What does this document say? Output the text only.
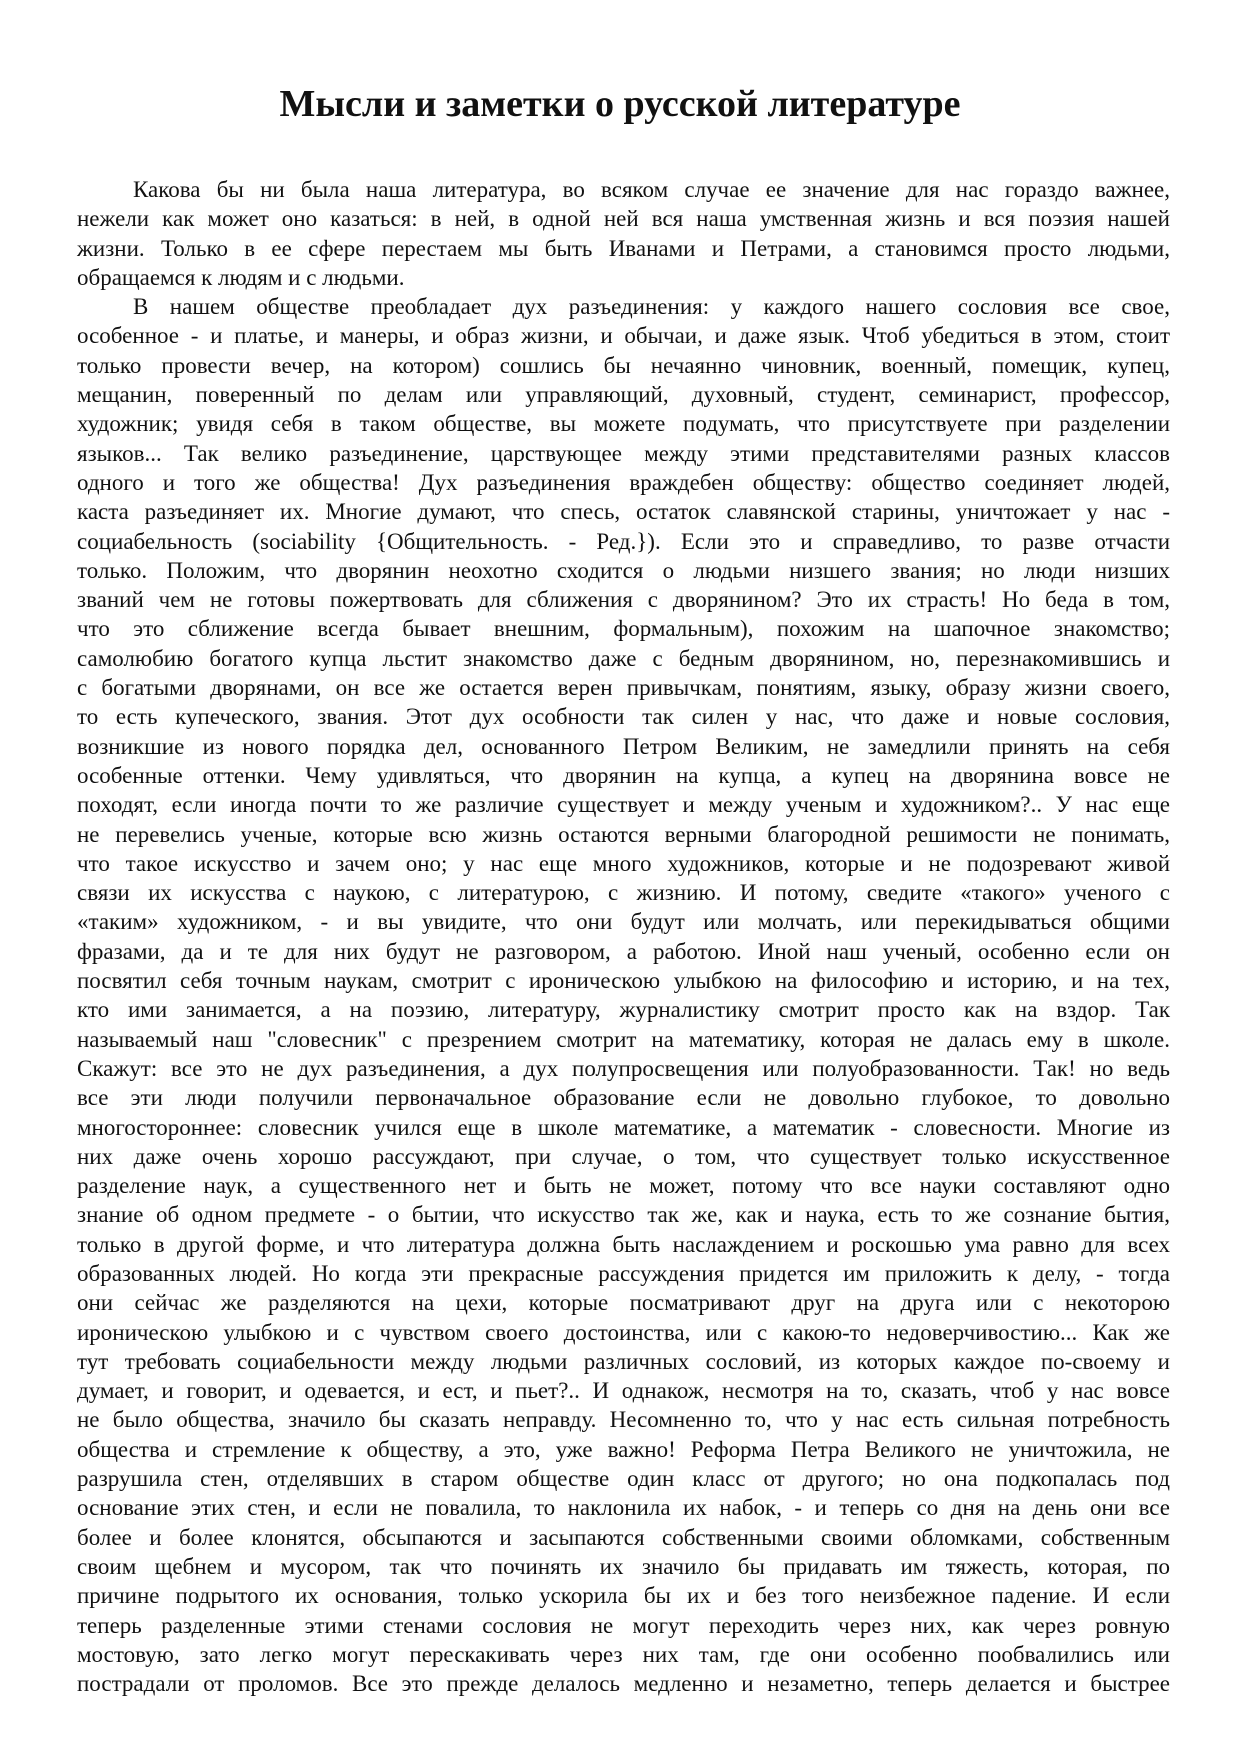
Мысли и заметки о русской литературе
Какова бы ни была наша литература, во всяком случае ее значение для нас гораздо важнее,
нежели как может оно казаться: в ней, в одной ней вся наша умственная жизнь и вся поэзия нашей
жизни. Только в ее сфере перестаем мы быть Иванами и Петрами, а становимся просто людьми,
обращаемся к людям и с людьми.
В нашем обществе преобладает дух разъединения: у каждого нашего сословия все свое,
особенное - и платье, и манеры, и образ жизни, и обычаи, и даже язык. Чтоб убедиться в этом, стоит
только провести вечер, на котором) сошлись бы нечаянно чиновник, военный, помещик, купец,
мещанин, поверенный по делам или управляющий, духовный, студент, семинарист, профессор,
художник; увидя себя в таком обществе, вы можете подумать, что присутствуете при разделении
языков... Так велико разъединение, царствующее между этими представителями разных классов
одного и того же общества! Дух разъединения враждебен обществу: общество соединяет людей,
каста разъединяет их. Многие думают, что спесь, остаток славянской старины, уничтожает у нас -
социабельность (sociability {Общительность. - Ред.}). Если это и справедливо, то разве отчасти
только. Положим, что дворянин неохотно сходится о людьми низшего звания; но люди низших
званий чем не готовы пожертвовать для сближения с дворянином? Это их страсть! Но беда в том,
что это сближение всегда бывает внешним, формальным), похожим на шапочное знакомство;
самолюбию богатого купца льстит знакомство даже с бедным дворянином, но, перезнакомившись и
с богатыми дворянами, он все же остается верен привычкам, понятиям, языку, образу жизни своего,
то есть купеческого, звания. Этот дух особности так силен у нас, что даже и новые сословия,
возникшие из нового порядка дел, основанного Петром Великим, не замедлили принять на себя
особенные оттенки. Чему удивляться, что дворянин на купца, а купец на дворянина вовсе не
походят, если иногда почти то же различие существует и между ученым и художником?.. У нас еще
не перевелись ученые, которые всю жизнь остаются верными благородной решимости не понимать,
что такое искусство и зачем оно; у нас еще много художников, которые и не подозревают живой
связи их искусства с наукою, с литературою, с жизнию. И потому, сведите «такого» ученого с
«таким» художником, - и вы увидите, что они будут или молчать, или перекидываться общими
фразами, да и те для них будут не разговором, а работою. Иной наш ученый, особенно если он
посвятил себя точным наукам, смотрит с ироническою улыбкою на философию и историю, и на тех,
кто ими занимается, а на поэзию, литературу, журналистику смотрит просто как на вздор. Так
называемый наш "словесник" с презрением смотрит на математику, которая не далась ему в школе.
Скажут: все это не дух разъединения, а дух полупросвещения или полуобразованности. Так! но ведь
все эти люди получили первоначальное образование если не довольно глубокое, то довольно
многостороннее: словесник учился еще в школе математике, а математик - словесности. Многие из
них даже очень хорошо рассуждают, при случае, о том, что существует только искусственное
разделение наук, а существенного нет и быть не может, потому что все науки составляют одно
знание об одном предмете - о бытии, что искусство так же, как и наука, есть то же сознание бытия,
только в другой форме, и что литература должна быть наслаждением и роскошью ума равно для всех
образованных людей. Но когда эти прекрасные рассуждения придется им приложить к делу, - тогда
они сейчас же разделяются на цехи, которые посматривают друг на друга или с некоторою
ироническою улыбкою и с чувством своего достоинства, или с какою-то недоверчивостию... Как же
тут требовать социабельности между людьми различных сословий, из которых каждое по-своему и
думает, и говорит, и одевается, и ест, и пьет?.. И однакож, несмотря на то, сказать, чтоб у нас вовсе
не было общества, значило бы сказать неправду. Несомненно то, что у нас есть сильная потребность
общества и стремление к обществу, а это, уже важно! Реформа Петра Великого не уничтожила, не
разрушила стен, отделявших в старом обществе один класс от другого; но она подкопалась под
основание этих стен, и если не повалила, то наклонила их набок, - и теперь со дня на день они все
более и более клонятся, обсыпаются и засыпаются собственными своими обломками, собственным
своим щебнем и мусором, так что починять их значило бы придавать им тяжесть, которая, по
причине подрытого их основания, только ускорила бы их и без того неизбежное падение. И если
теперь разделенные этими стенами сословия не могут переходить через них, как через ровную
мостовую, зато легко могут перескакивать через них там, где они особенно пообвалились или
пострадали от проломов. Все это прежде делалось медленно и незаметно, теперь делается и быстрее
